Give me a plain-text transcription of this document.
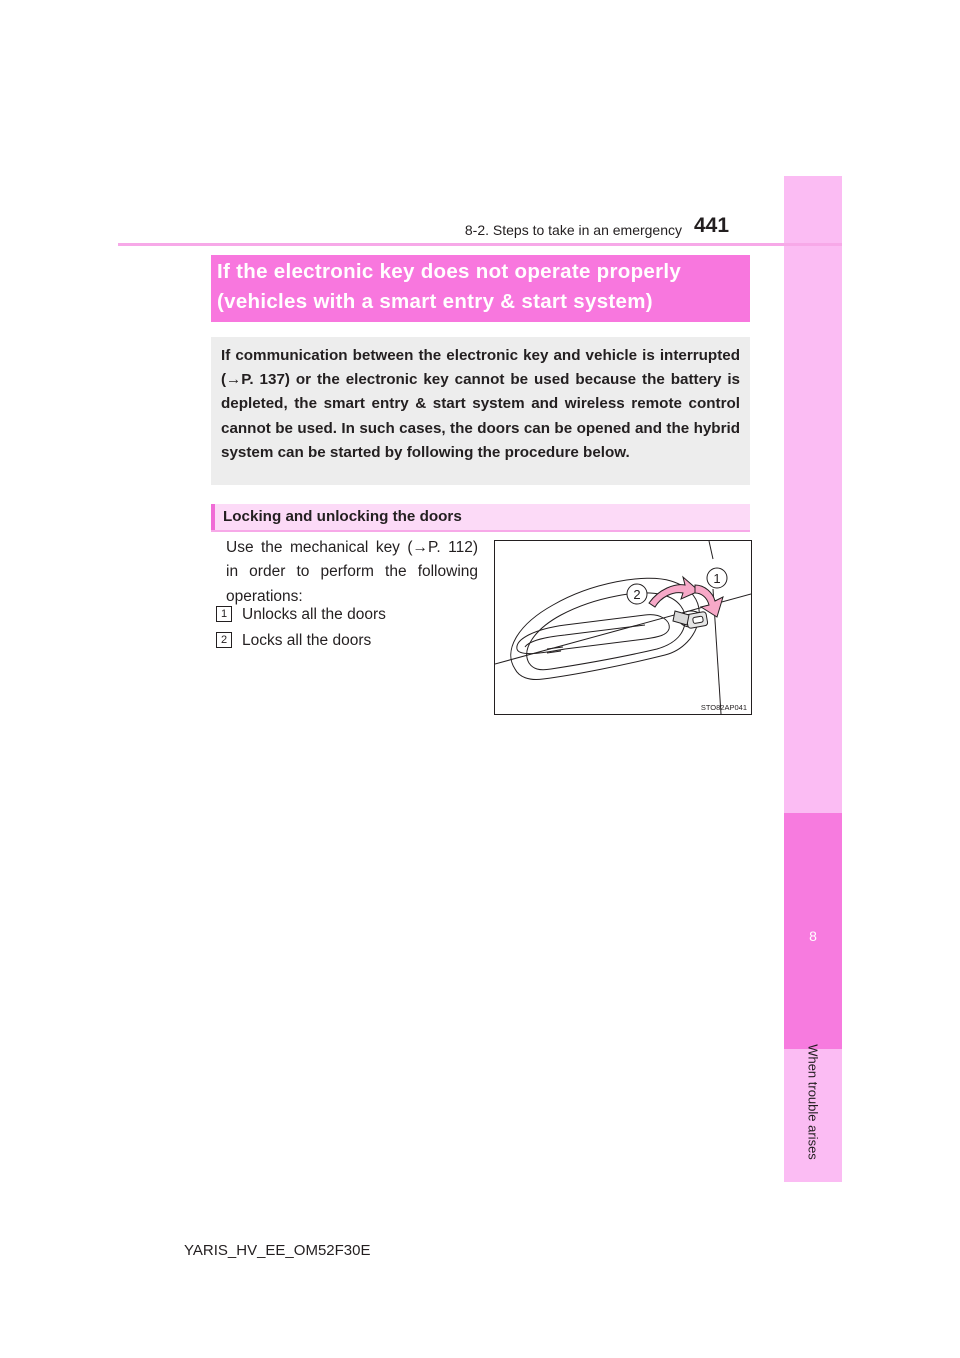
8
When trouble arises
8-2. Steps to take in an emergency 441
If the electronic key does not operate properly
(vehicles with a smart entry & start system)

If communication between the electronic key and vehicle is interrupted (→P. 137) or the electronic key cannot be used because the battery is depleted, the smart entry & start system and wireless remote control cannot be used. In such cases, the doors can be opened and the hybrid system can be started by following the procedure below.

Locking and unlocking the doors

Use the mechanical key (→P. 112)
in order to perform the following
operations:

1 Unlocks all the doors
2 Locks all the doors
1
2
STO82AP041
YARIS_HV_EE_OM52F30E
